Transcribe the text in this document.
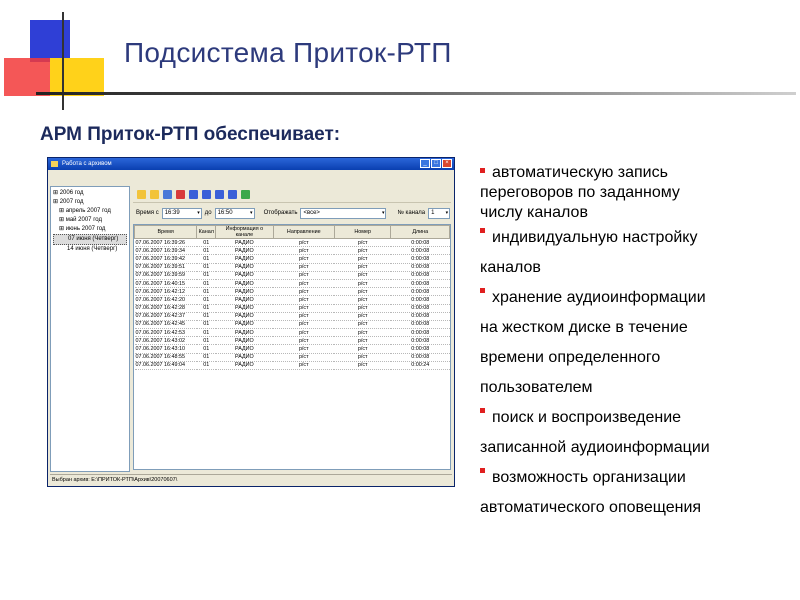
Подсистема Приток-РТП
АРМ Приток-РТП обеспечивает:
Работа с архивом	_	□	×
⊞ 2006 год
⊞ 2007 год
⊞ апрель 2007 год
⊞ май 2007 год
⊞ июнь 2007 год
07 июня (Четверг)
14 июня (Четверг)
Время с	16:39	▾ до	16:50	▾ Отображать	<все>	▾ № канала	1 ▾
Время	Канал	Информация о канале	Направление	Номер	Длина
07.06.2007 16:39:26	01	РАДИО	р/ст	р/ст	0:00:08
07.06.2007 16:39:34	01	РАДИО	р/ст	р/ст	0:00:08
07.06.2007 16:39:42	01	РАДИО	р/ст	р/ст	0:00:08
07.06.2007 16:39:51	01	РАДИО	р/ст	р/ст	0:00:08
07.06.2007 16:39:59	01	РАДИО	р/ст	р/ст	0:00:08
07.06.2007 16:40:15	01	РАДИО	р/ст	р/ст	0:00:08
07.06.2007 16:42:12	01	РАДИО	р/ст	р/ст	0:00:08
07.06.2007 16:42:20	01	РАДИО	р/ст	р/ст	0:00:08
07.06.2007 16:42:28	01	РАДИО	р/ст	р/ст	0:00:08
07.06.2007 16:42:37	01	РАДИО	р/ст	р/ст	0:00:08
07.06.2007 16:42:45	01	РАДИО	р/ст	р/ст	0:00:08
07.06.2007 16:42:53	01	РАДИО	р/ст	р/ст	0:00:08
07.06.2007 16:43:02	01	РАДИО	р/ст	р/ст	0:00:08
07.06.2007 16:43:10	01	РАДИО	р/ст	р/ст	0:00:08
07.06.2007 16:48:55	01	РАДИО	р/ст	р/ст	0:00:08
07.06.2007 16:49:04	01	РАДИО	р/ст	р/ст	0:00:24
Выбран архив: E:\ПРИТОК-РТП\Архив\20070607\
автоматическую запись
переговоров по заданному
числу каналов
индивидуальную настройку
каналов
хранение аудиоинформации
на жестком диске в течение
времени определенного
пользователем
поиск и воспроизведение
записанной аудиоинформации
возможность организации
автоматического оповещения
